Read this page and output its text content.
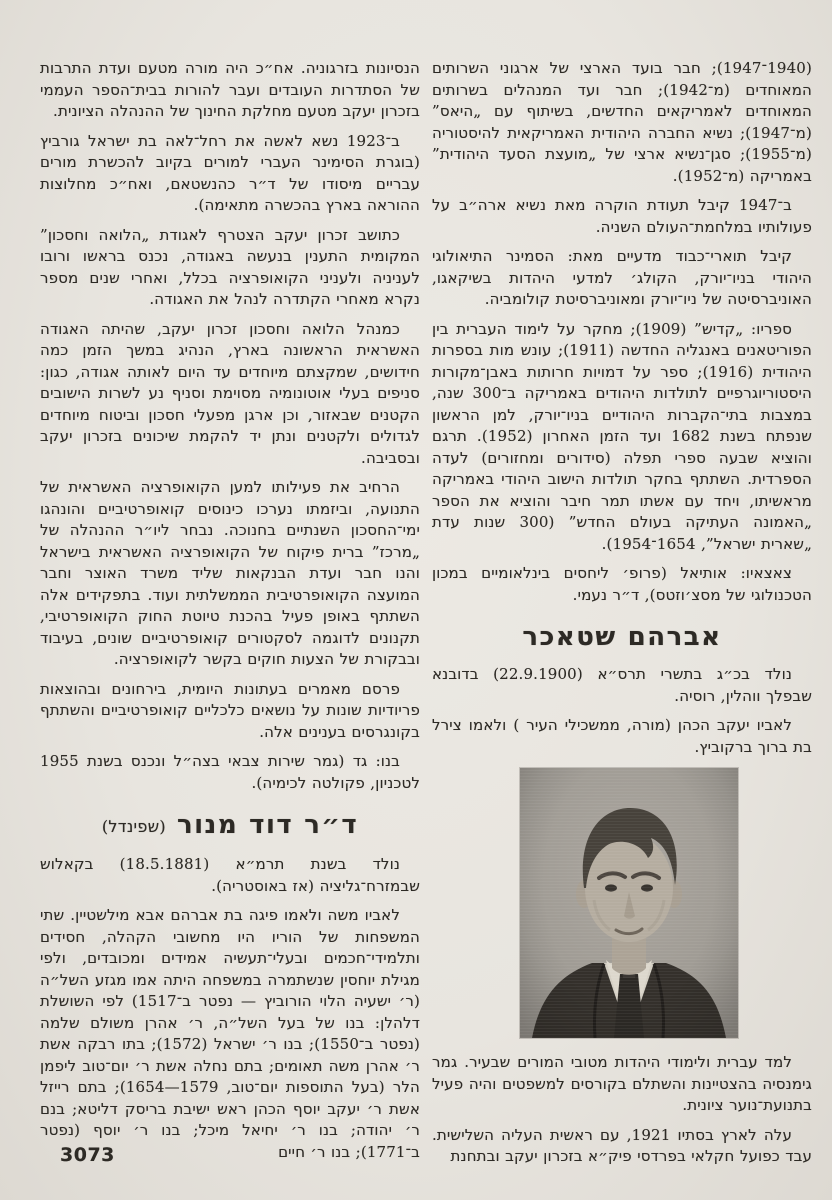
(1940־1947); חבר בועד הארצי של ארגוני השרותים המאוחדים (מ־1942); חבר ועד המנהלים בשרותים המאוחדים לאמריקאים החדשים, בשיתוף עם „היאס” (מ־1947); נשיא החברה היהודית האמריקאית להיסטוריה (מ־1955); סגן־נשיא ארצי של „מועצת הסעד היהודית” באמריקה (מ־1952).

ב־1947 קיבל תעודת הוקרה מאת נשיא ארה״ב על פעולותיו במלחמת־העולם השניה.

קיבל תוארי־כבוד מדעיים מאת: הסמינר התיאולוגי היהודי בניו־יורק, הקולג׳ למדעי היהדות בשיקאגו, האוניברסיטה של ניו־יורק ומאוניברסיטת קולומביה.

ספריו: „קדיש” (1909); מחקר על לימוד העברית בין הפוריטאנים באנגליה החדשה (1911); עונש מות בספרות היהודית (1916); ספר על דמויות חרותות באבן־מקורות היסטוריוגרפיים לתולדות היהודים באמריקה ב־300 שנה, במצבות בתי־הקברות היהודיים בניו־יורק, למן הראשון שנפתח בשנת 1682 ועד הזמן האחרון (1952). תרגם והוציא שבעה ספרי תפלה (סידורים ומחזורים) לעדה הספרדית. השתתף בחקר תולדות הישוב היהודי באמריקה מראשיתו, ויחד עם אשתו תמר חיבר והוציא את הספר „האמונה העתיקה בעולם החדש” (300 שנות עדת „שארית ישראל”, 1654־1954).

צאצאיו: אותיאל (פרופ׳ ליחסים בינלאומיים במכון הטכנולוגי של מסצ׳וזטס), ד״ר נעמי.

אברהם שטאכר

נולד בכ״ג בתשרי תרס״א (22.9.1900) בדובנא שבפלך ווהלין, רוסיה.

לאביו יעקב הכהן (מורה, ממשכילי העיר ) ולאמו צירל בת ברוך ברקוביץ.

למד עברית ולימודי היהדות מטובי המורים שבעיר. גמר גימנסיה בהצטיינות והשתלם בקורסים למשפטים והיה פעיל בתנועת־נוער ציונית.

עלה לארץ בסתיו 1921, עם ראשית העליה השלישית. עבד כפועל חקלאי בפרדסי פיק״א בזכרון יעקב ובתחנת

הנסיונות בזרגוניה. אח״כ היה מורה מטעם ועדת התרבות של הסתדרות העובדים ועבר להורות בבית־הספר העממי בזכרון יעקב מטעם מחלקת החינוך של ההנהלה הציונית.

ב־1923 נשא לאשה את רחל־לאה בת ישראל גורביץ (בוגרת הסימינר העברי למורים בקיוב להכשרת מורים עבריים מיסודו של ד״ר כהנשטאם, ואח״כ מחלוצות ההוראה בארץ בהכשרה מתאימה).

כתושב זכרון יעקב הצטרף לאגודת „הלואה וחסכון” המקומית התענין בנעשה באגודה, נכנס בראשו ורובו לעניניה ולעניני הקואופרציה בכלל, ואחרי שנים מספר נקרא מאחרי הקתדרה לנהל את האגודה.

כמנהל הלואה וחסכון זכרון יעקב, שהיתה האגודה האשראית הראשונה בארץ, הנהיג במשך הזמן כמה חידושים, שמקצתם מיוחדים עד היום לאותה אגודה, כגון: סניפים בעלי אוטונומיה מסוימת וסניף נע לשרות הישובים הקטנים שבאזור, וכן ארגן מפעלי חסכון וביטוח מיוחדים לגדולים ולקטנים ונתן יד להקמת שיכונים בזכרון יעקב ובסביבה.

הרחיב את פעילותו למען הקואופרציה האשראית של התנועה, וביזמתו נערכו כינוסים קואופרטיביים והונהגו ימי־החסכון השנתיים בחנוכה. נבחר ליו״ר ההנהלה של „מרכז” ברית פיקוח של הקואופרציה האשראית בישראל והנו חבר ועדת הבנקאות שליד משרד האוצר וחבר המועצה הקואופרטיבית הממשלתית ועוד. בתפקידים אלה השתתף באופן פעיל בהכנת טיוטת החוק הקואופרטיבי, תקנונים לדוגמה לסקטורים קואופרטיביים שונים, בעיבוד ובבקורת של הצעות חוקים בקשר לקואופרציה.

פרסם מאמרים בעתונות היומית, בירחונים ובהוצאות פריודיות שונות על נושאים כלכליים קואופרטיביים והשתתף בקונגרסים בענינים אלה.

בנו: גד (גמר שירות צבאי בצה״ל ונכנס בשנת 1955 לטכניון, פקולטה לכימיה).

ד״ר דוד מנור (שפינדל)

נולד בשנת תרמ״א (18.5.1881) בקאלוש שבמזרח־גליציה (אז באוסטריה).

לאביו משה ולאמו פיגה בת אברהם אבא מילשטיין. שתי המשפחות של הוריו היו מחשובי הקהלה, חסידים ותלמידי־חכמים ובעלי־תעשיה אמידים ומכובדים, ולפי מגילת יוחסין שנשתמרה במשפחה היתה אמו מגזע השל״ה (ר׳ ישעיה הלוי הורוביץ — נפטר ב־1517) לפי השושלת דלהלן: בנו של בעל השל״ה, ר׳ אהרן משולם שלמה (נפטר ב־1550); בנו ר׳ ישראל (1572); בתו רבקה אשת ר׳ אהרן משה תאומים; בתם נחלה אשת ר׳ יום־טוב ליפמן הלר (בעל התוספות יום־טוב, 1579—1654); בתם רייזל אשת ר׳ יעקב יוסף הכהן ראש ישיבת בריסק דליטא; בנם ר׳ יהודה; בנו ר׳ יחיאל מיכל; בנו ר׳ יוסף (נפטר ב־1771); בנו ר׳ חיים

3073
